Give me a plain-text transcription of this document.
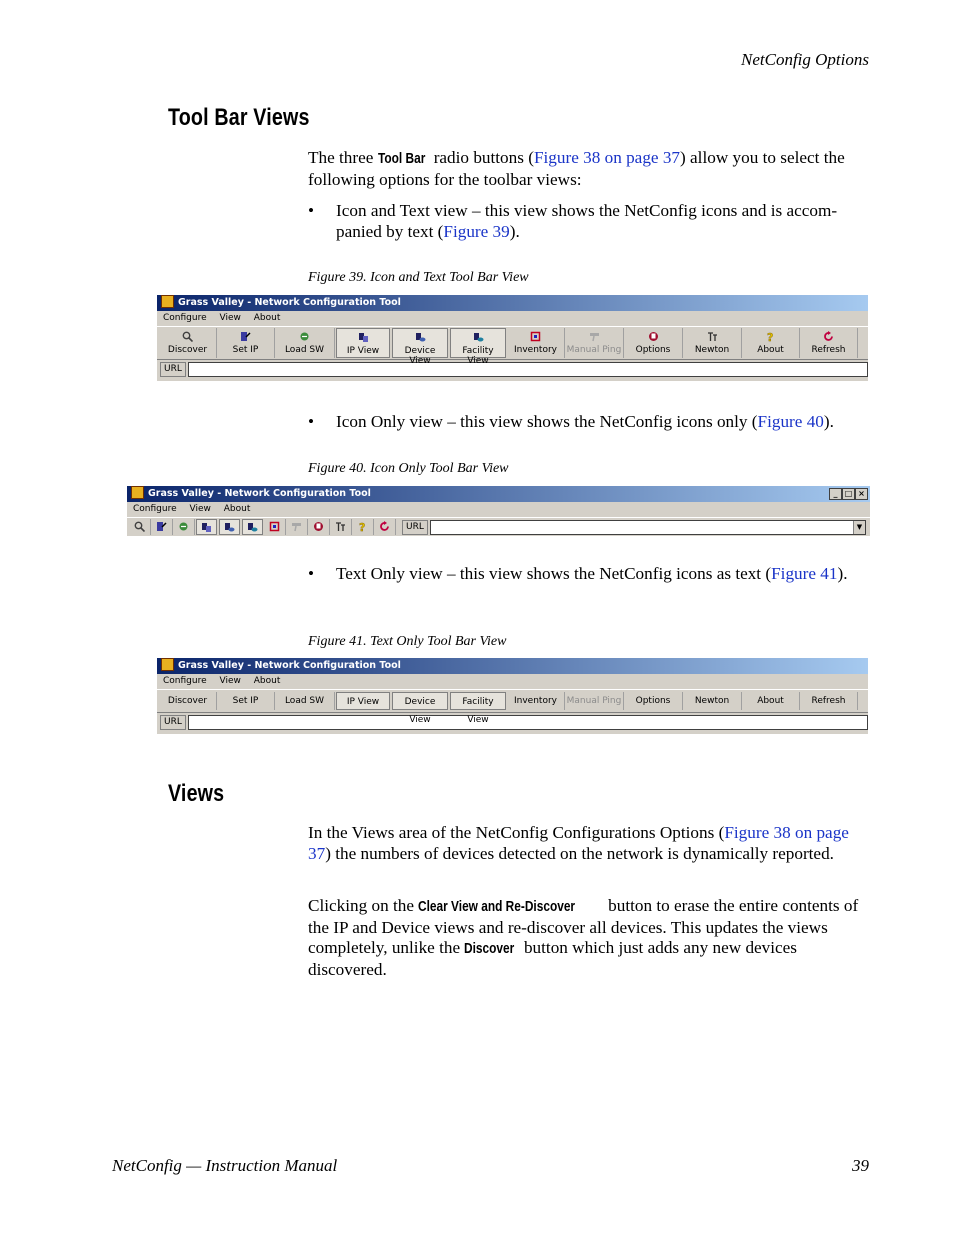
NetConfig Options
Tool Bar Views

The three Tool Bar radio buttons (Figure 38 on page 37) allow you to select the following options for the toolbar views:

• Icon and Text view – this view shows the NetConfig icons and is accom-panied by text (Figure 39).
Figure 39. Icon and Text Tool Bar View
Grass Valley - Network Configuration Tool
Configure View About
Discover	Set IP	Load SW	IP View	Device View
Facility View
Inventory	Manual Ping	Options	Newton
?
About	Refresh
URL
• Icon Only view – this view shows the NetConfig icons only (Figure 40).
Figure 40. Icon Only Tool Bar View
Grass Valley - Network Configuration Tool	_ □ ×
Configure View About
?	URL	▼
• Text Only view – this view shows the NetConfig icons as text (Figure 41).
Figure 41. Text Only Tool Bar View
Grass Valley - Network Configuration Tool
Configure View About
Discover	Set IP	Load SW	IP View	Device View
Facility View
Inventory	Manual Ping	Options	Newton	About	Refresh
URL
Views

In the Views area of the NetConfig Configurations Options (Figure 38 on page 37) the numbers of devices detected on the network is dynamically reported.

Clicking on the Clear View and Re-Discover button to erase the entire contents of the IP and Device views and re-discover all devices. This updates the views completely, unlike the Discover button which just adds any new devices discovered.

NetConfig — Instruction Manual	39
